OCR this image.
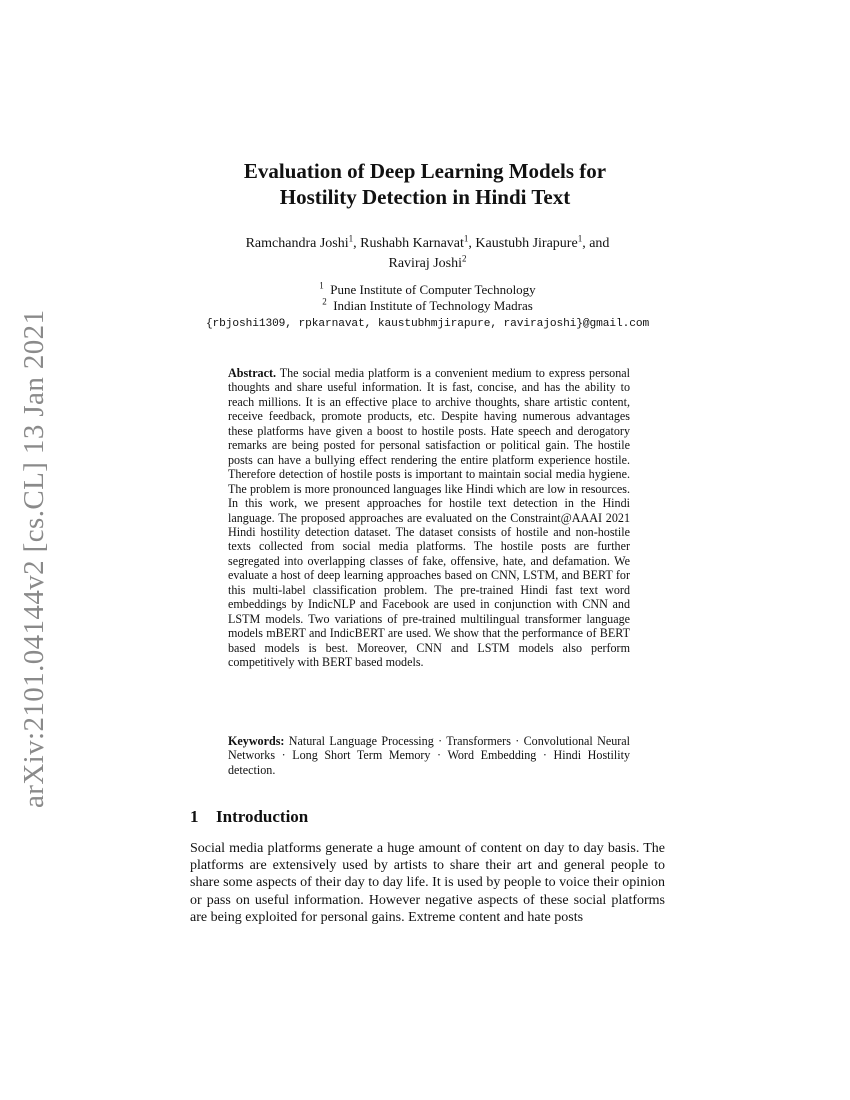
arXiv:2101.04144v2 [cs.CL] 13 Jan 2021
Evaluation of Deep Learning Models for
Hostility Detection in Hindi Text

Ramchandra Joshi$^1$, Rushabh Karnavat$^1$, Kaustubh Jirapure$^1$, and
Raviraj Joshi$^2$

$^1$ Pune Institute of Computer Technology
$^2$ Indian Institute of Technology Madras
{rbjoshi1309, rpkarnavat, kaustubhmjirapure, ravirajoshi}@gmail.com

Abstract. The social media platform is a convenient medium to express personal thoughts and share useful information. It is fast, concise, and has the ability to reach millions. It is an effective place to archive thoughts, share artistic content, receive feedback, promote products, etc. Despite having numerous advantages these platforms have given a boost to hostile posts. Hate speech and derogatory remarks are being posted for personal satisfaction or political gain. The hostile posts can have a bullying effect rendering the entire platform experience hostile. Therefore detection of hostile posts is important to maintain social media hygiene. The problem is more pronounced languages like Hindi which are low in resources. In this work, we present approaches for hostile text detection in the Hindi language. The proposed approaches are evaluated on the Constraint@AAAI 2021 Hindi hostility detection dataset. The dataset consists of hostile and non-hostile texts collected from social media platforms. The hostile posts are further segregated into overlapping classes of fake, offensive, hate, and defamation. We evaluate a host of deep learning approaches based on CNN, LSTM, and BERT for this multi-label classification problem. The pre-trained Hindi fast text word embeddings by IndicNLP and Facebook are used in conjunction with CNN and LSTM models. Two variations of pre-trained multilingual transformer language models mBERT and IndicBERT are used. We show that the performance of BERT based models is best. Moreover, CNN and LSTM models also perform competitively with BERT based models.

Keywords: Natural Language Processing · Transformers · Convolutional Neural Networks · Long Short Term Memory · Word Embedding · Hindi Hostility detection.

1 Introduction

Social media platforms generate a huge amount of content on day to day basis. The platforms are extensively used by artists to share their art and general people to share some aspects of their day to day life. It is used by people to voice their opinion or pass on useful information. However negative aspects of these social platforms are being exploited for personal gains. Extreme content and hate posts
